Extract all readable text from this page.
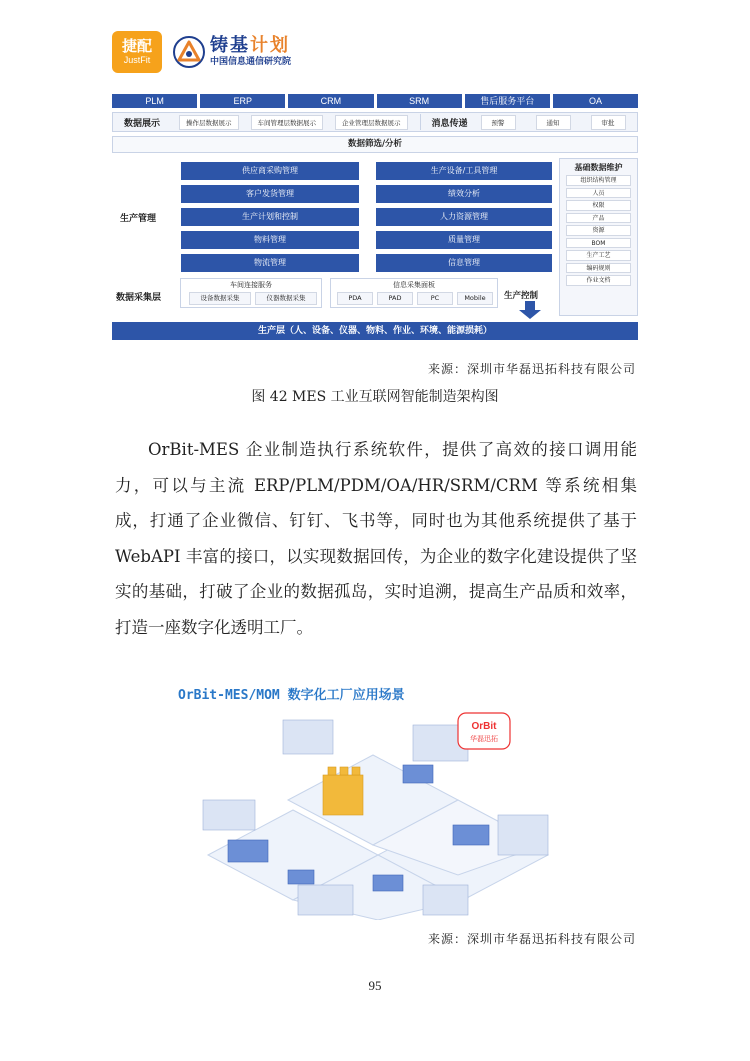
捷配
JustFit
铸基计划
中国信息通信研究院
PLM	ERP	CRM	SRM	售后服务平台	OA
数据展示	操作层数据展示	车间管理层数据展示	企业管理层数据展示	消息传递	预警	通知	审批
数据筛选/分析
生产管理
供应商采购管理
客户发货管理
生产计划和控制
物料管理
物流管理
生产设备/工具管理
绩效分析
人力资源管理
质量管理
信息管理
基础数据维护
组织结构管理
人员
权限
产品
资源
BOM
生产工艺
编码规则
作业文档
数据采集层
车间连接服务
设备数据采集	仪器数据采集
信息采集面板
PDA	PAD	PC	Mobile	生产控制
生产层（人、设备、仪器、物料、作业、环境、能源损耗）
来源：深圳市华磊迅拓科技有限公司
图 42 MES 工业互联网智能制造架构图

OrBit-MES 企业制造执行系统软件，提供了高效的接口调用能力，可以与主流 ERP/PLM/PDM/OA/HR/SRM/CRM 等系统相集成，打通了企业微信、钉钉、飞书等，同时也为其他系统提供了基于 WebAPI 丰富的接口，以实现数据回传，为企业的数字化建设提供了坚实的基础，打破了企业的数据孤岛，实时追溯，提高生产品质和效率，打造一座数字化透明工厂。

OrBit-MES/MOM 数字化工厂应用场景
OrBit
华磊迅拓
来源：深圳市华磊迅拓科技有限公司
95
